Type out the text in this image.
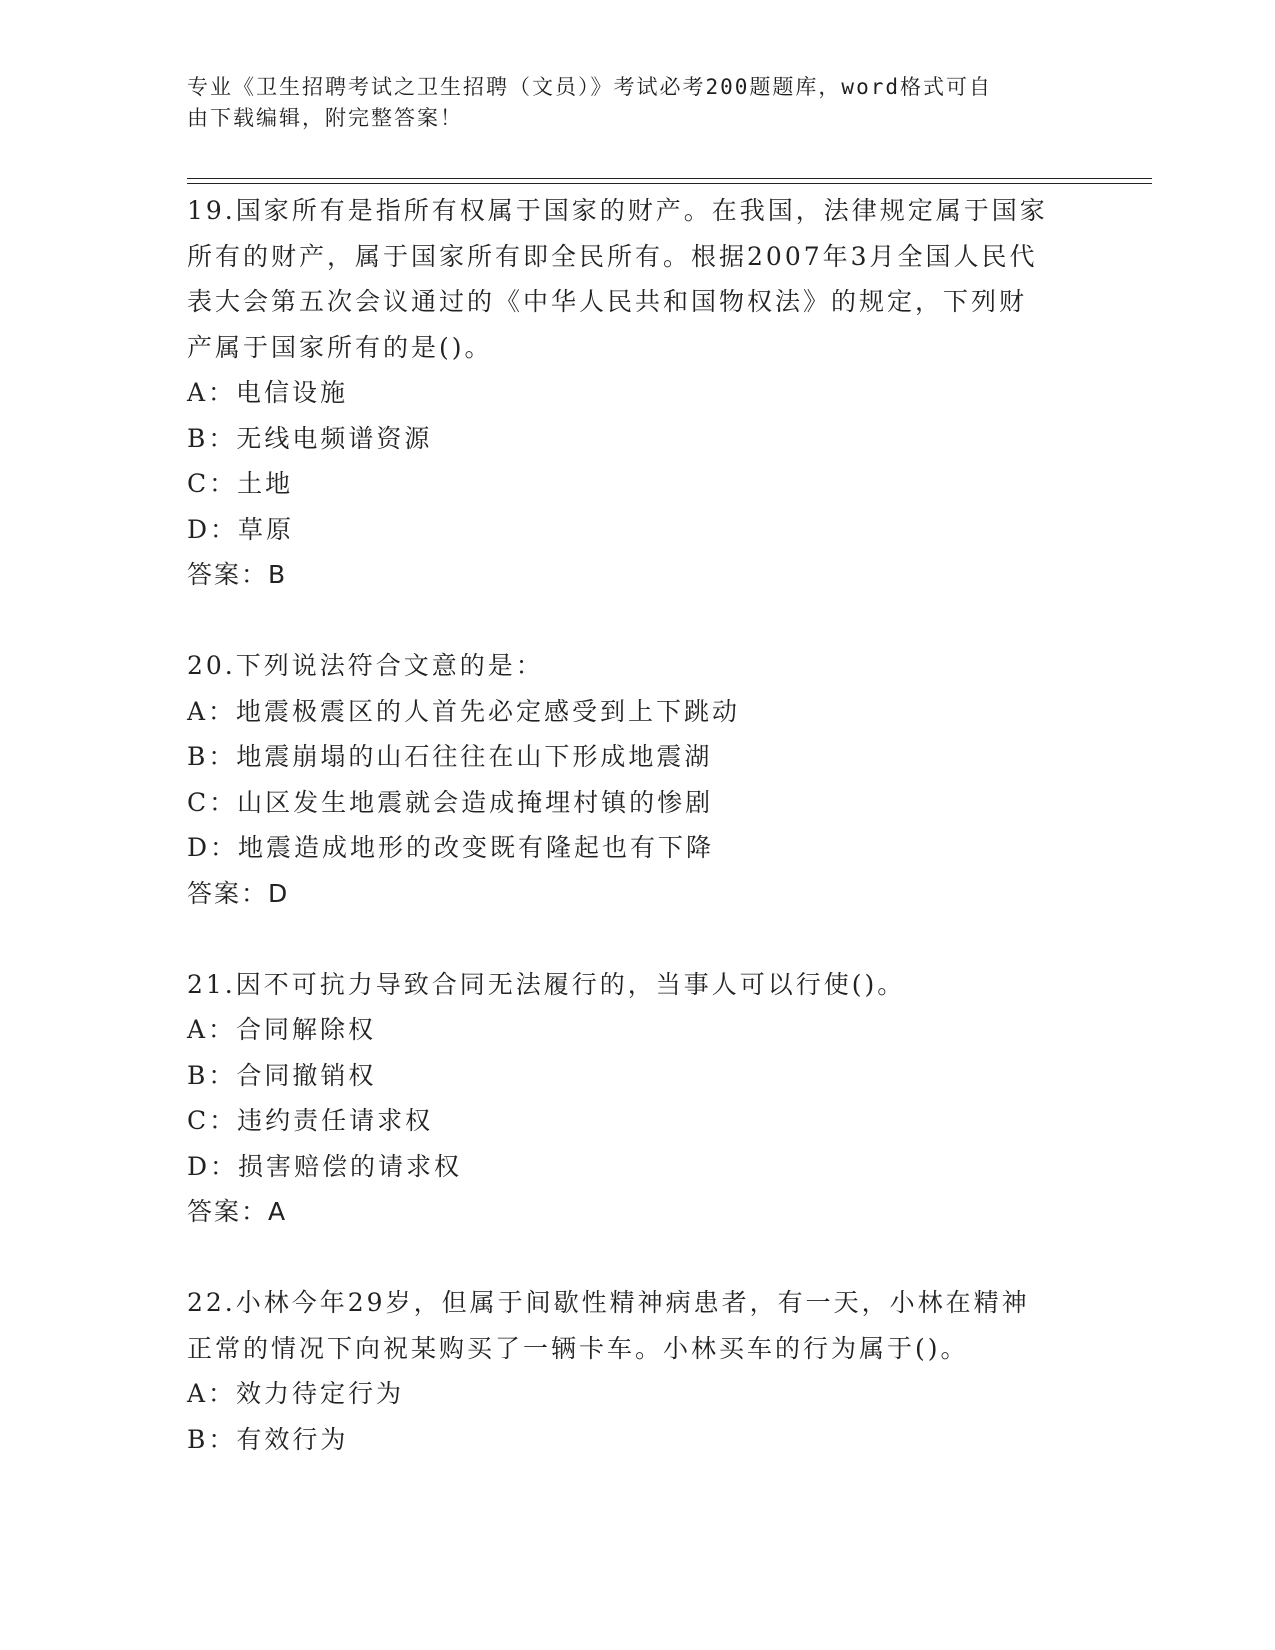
专业《卫生招聘考试之卫生招聘（文员）》考试必考200题题库，word格式可自
由下载编辑，附完整答案！
19.国家所有是指所有权属于国家的财产。在我国，法律规定属于国家
所有的财产，属于国家所有即全民所有。根据2007年3月全国人民代
表大会第五次会议通过的《中华人民共和国物权法》的规定，下列财
产属于国家所有的是()。
A：电信设施
B：无线电频谱资源
C：土地
D：草原
答案：B
20.下列说法符合文意的是：
A：地震极震区的人首先必定感受到上下跳动
B：地震崩塌的山石往往在山下形成地震湖
C：山区发生地震就会造成掩埋村镇的惨剧
D：地震造成地形的改变既有隆起也有下降
答案：D
21.因不可抗力导致合同无法履行的，当事人可以行使()。
A：合同解除权
B：合同撤销权
C：违约责任请求权
D：损害赔偿的请求权
答案：A
22.小林今年29岁，但属于间歇性精神病患者，有一天，小林在精神
正常的情况下向祝某购买了一辆卡车。小林买车的行为属于()。
A：效力待定行为
B：有效行为
